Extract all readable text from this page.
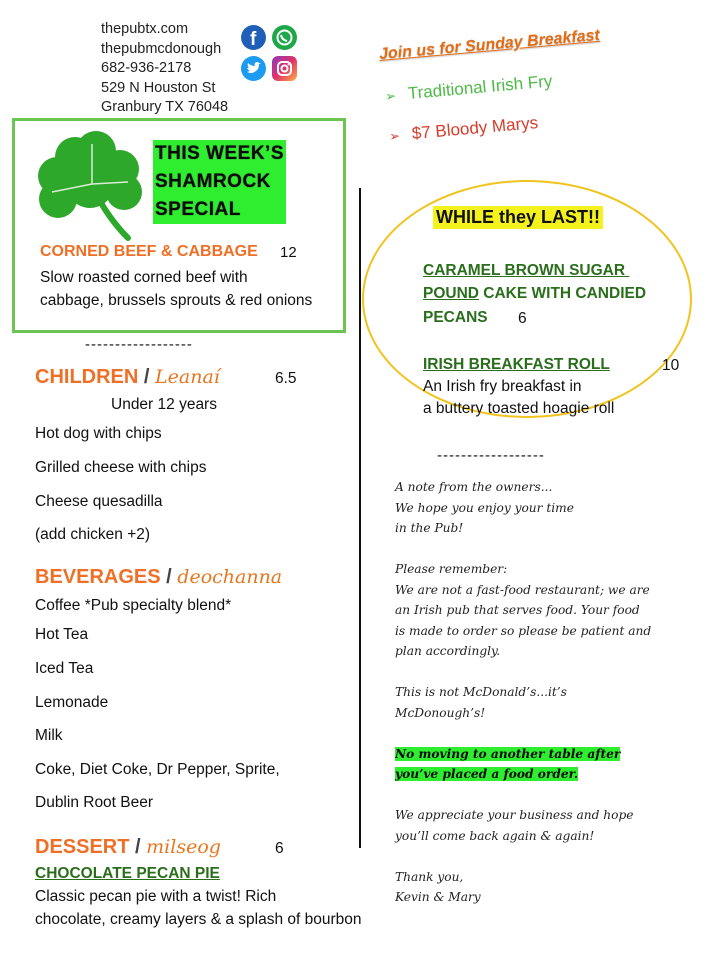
thepubtx.com
thepubmcdonough
682-936-2178
529 N Houston St
Granbury TX 76048
f	Join us for Sunday Breakfast
➢ Traditional Irish Fry
➢ $7 Bloody Marys
THIS WEEK’S
SHAMROCK
SPECIAL
CORNED BEEF & CABBAGE 12
Slow roasted corned beef with
cabbage, brussels sprouts & red onions
------------------
CHILDREN / Leanaí	6.5
Under 12 years
Hot dog with chips
Grilled cheese with chips
Cheese quesadilla
(add chicken +2)
BEVERAGES / deochanna
Coffee *Pub specialty blend*
Hot Tea
Iced Tea
Lemonade
Milk
Coke, Diet Coke, Dr Pepper, Sprite,
Dublin Root Beer
DESSERT / milseog	6
CHOCOLATE PECAN PIE
Classic pecan pie with a twist! Rich
chocolate, creamy layers & a splash of bourbon
WHILE they LAST!!
CARAMEL BROWN SUGAR
POUND CAKE WITH CANDIED
PECANS 6
IRISH BREAKFAST ROLL	10
An Irish fry breakfast in
a buttery toasted hoagie roll
------------------

A note from the owners...

We hope you enjoy your time

in the Pub!

Please remember:

We are not a fast-food restaurant; we are

an Irish pub that serves food. Your food

is made to order so please be patient and

plan accordingly.

This is not McDonald’s...it’s

McDonough’s!

No moving to another table after

you’ve placed a food order.

We appreciate your business and hope

you’ll come back again & again!

Thank you,

Kevin & Mary
